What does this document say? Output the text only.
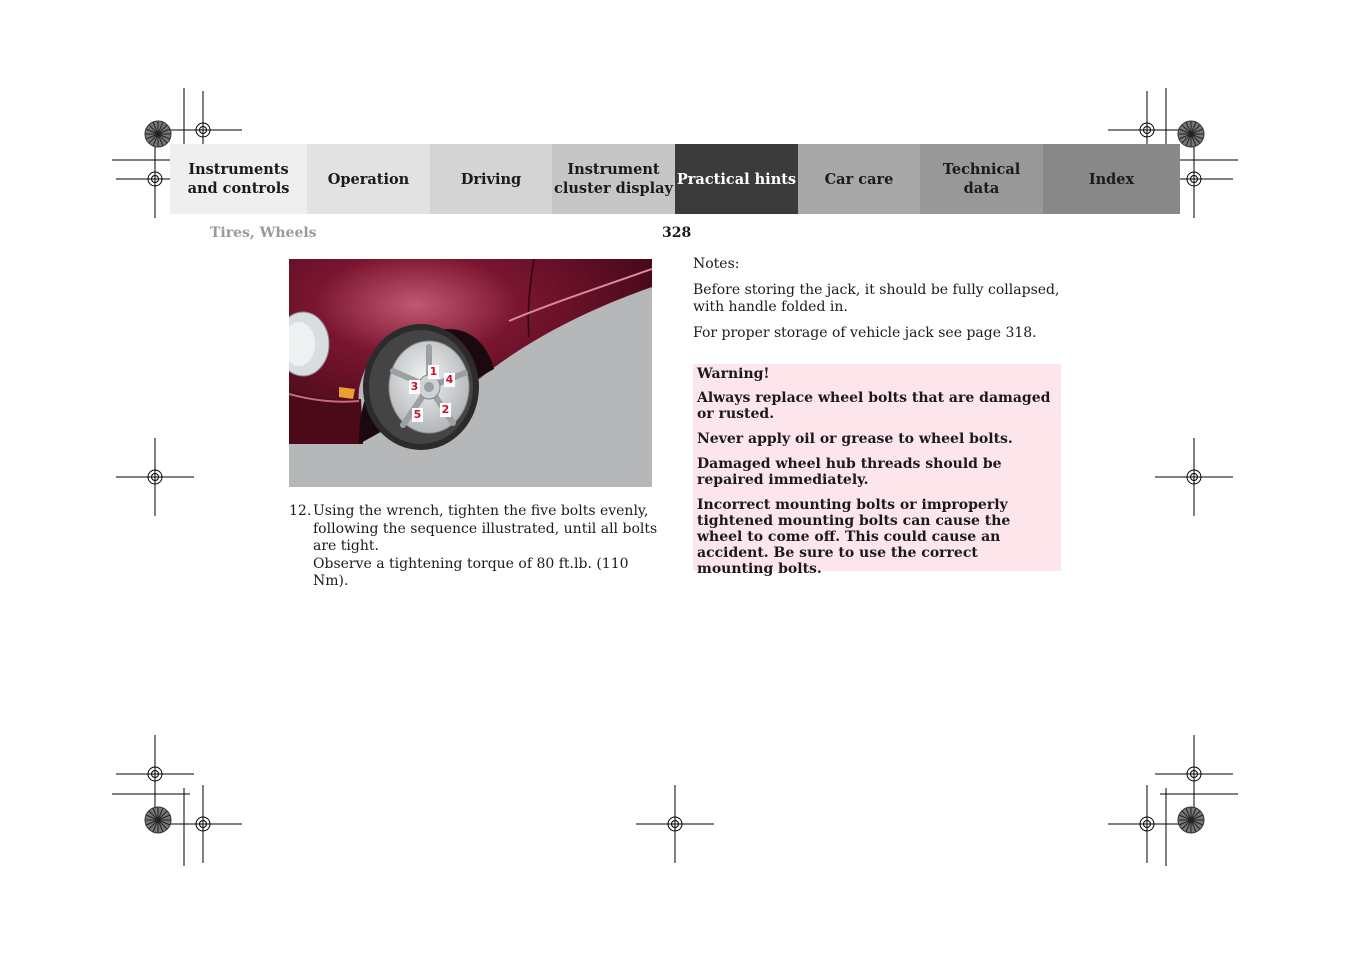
Instruments
and controls
Operation	Driving
Instrument
cluster display
Practical hints	Car care
Technical
data
Index
Tires, Wheels	328
1
2
3
4
5
12. Using the wrench, tighten the five bolts evenly, following the sequence illustrated, until all bolts are tight.
Observe a tightening torque of 80 ft.lb. (110 Nm).

Notes:

Before storing the jack, it should be fully collapsed, with handle folded in.

For proper storage of vehicle jack see page 318.

Warning!

Always replace wheel bolts that are damaged or rusted.

Never apply oil or grease to wheel bolts.

Damaged wheel hub threads should be repaired immediately.

Incorrect mounting bolts or improperly tightened mounting bolts can cause the wheel to come off. This could cause an accident. Be sure to use the correct mounting bolts.
